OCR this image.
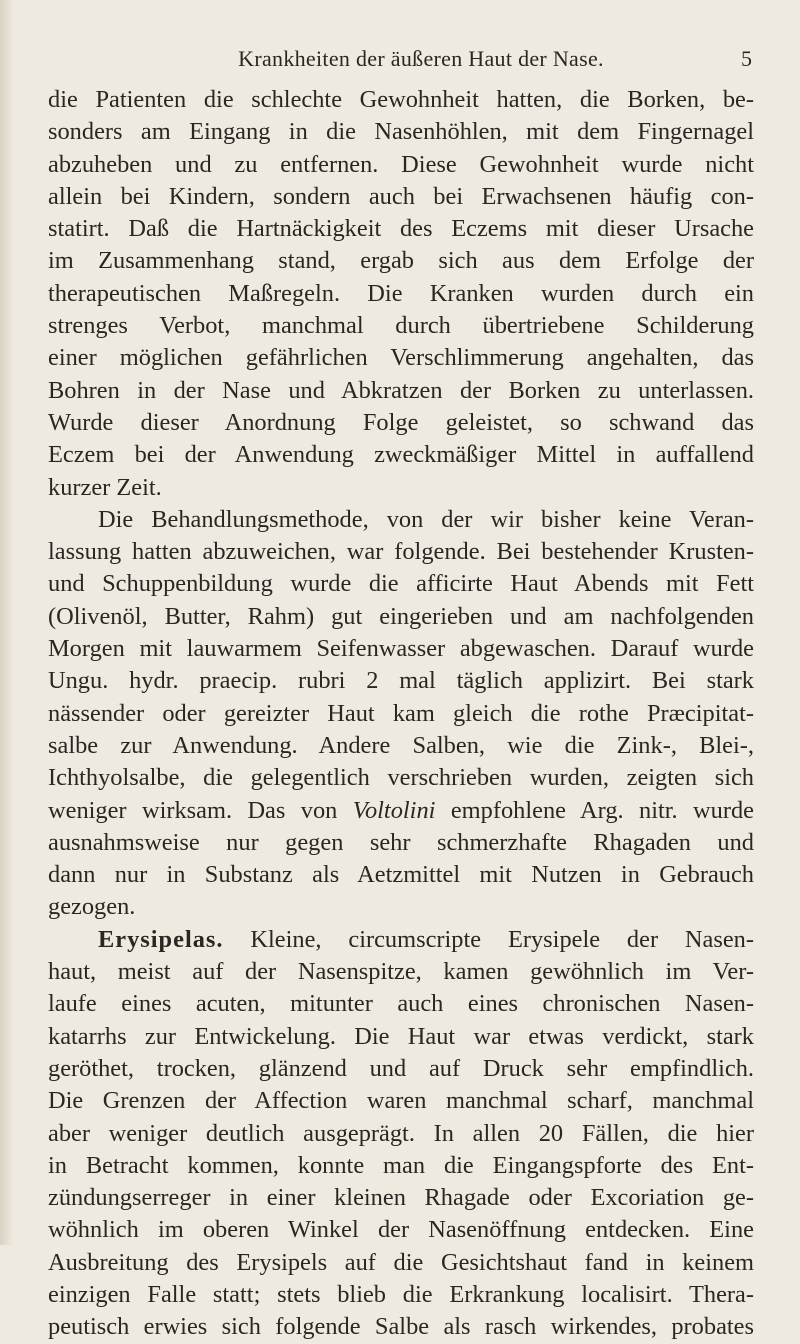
Krankheiten der äußeren Haut der Nase.	5
die Patienten die schlechte Gewohnheit hatten, die Borken, be-
sonders am Eingang in die Nasenhöhlen, mit dem Fingernagel
abzuheben und zu entfernen. Diese Gewohnheit wurde nicht
allein bei Kindern, sondern auch bei Erwachsenen häufig con-
statirt. Daß die Hartnäckigkeit des Eczems mit dieser Ursache
im Zusammenhang stand, ergab sich aus dem Erfolge der
therapeutischen Maßregeln. Die Kranken wurden durch ein
strenges Verbot, manchmal durch übertriebene Schilderung
einer möglichen gefährlichen Verschlimmerung angehalten, das
Bohren in der Nase und Abkratzen der Borken zu unterlassen.
Wurde dieser Anordnung Folge geleistet, so schwand das
Eczem bei der Anwendung zweckmäßiger Mittel in auffallend
kurzer Zeit.
Die Behandlungsmethode, von der wir bisher keine Veran-
lassung hatten abzuweichen, war folgende. Bei bestehender Krusten-
und Schuppenbildung wurde die afficirte Haut Abends mit Fett
(Olivenöl, Butter, Rahm) gut eingerieben und am nachfolgenden
Morgen mit lauwarmem Seifenwasser abgewaschen. Darauf wurde
Ungu. hydr. praecip. rubri 2 mal täglich applizirt. Bei stark
nässender oder gereizter Haut kam gleich die rothe Præcipitat-
salbe zur Anwendung. Andere Salben, wie die Zink-, Blei-,
Ichthyolsalbe, die gelegentlich verschrieben wurden, zeigten sich
weniger wirksam. Das von Voltolini empfohlene Arg. nitr. wurde
ausnahmsweise nur gegen sehr schmerzhafte Rhagaden und
dann nur in Substanz als Aetzmittel mit Nutzen in Gebrauch
gezogen.
Erysipelas. Kleine, circumscripte Erysipele der Nasen-
haut, meist auf der Nasenspitze, kamen gewöhnlich im Ver-
laufe eines acuten, mitunter auch eines chronischen Nasen-
katarrhs zur Entwickelung. Die Haut war etwas verdickt, stark
geröthet, trocken, glänzend und auf Druck sehr empfindlich.
Die Grenzen der Affection waren manchmal scharf, manchmal
aber weniger deutlich ausgeprägt. In allen 20 Fällen, die hier
in Betracht kommen, konnte man die Eingangspforte des Ent-
zündungserreger in einer kleinen Rhagade oder Excoriation ge-
wöhnlich im oberen Winkel der Nasenöffnung entdecken. Eine
Ausbreitung des Erysipels auf die Gesichtshaut fand in keinem
einzigen Falle statt; stets blieb die Erkrankung localisirt. Thera-
peutisch erwies sich folgende Salbe als rasch wirkendes, probates
